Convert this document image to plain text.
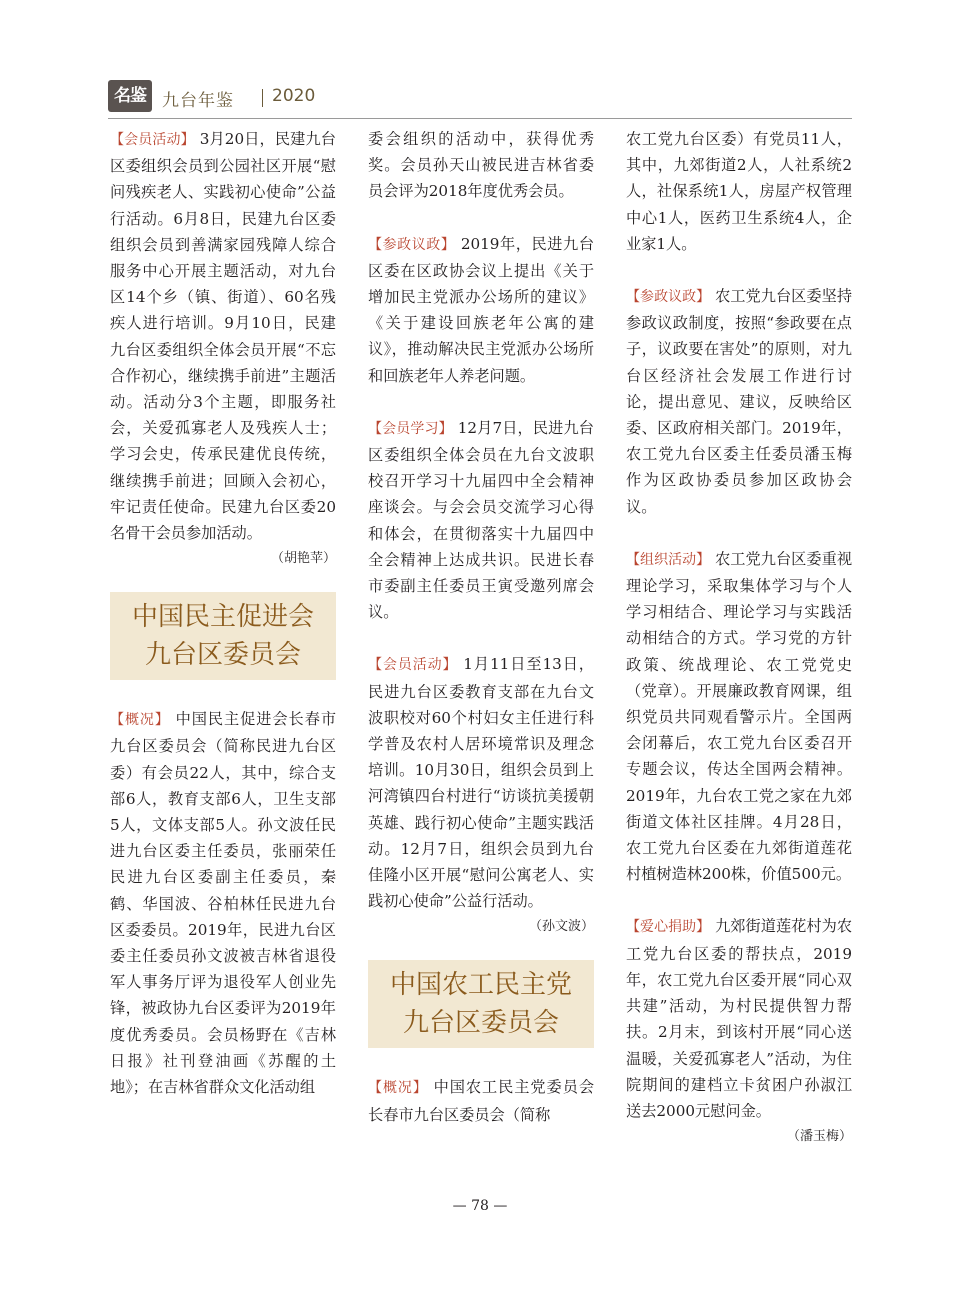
名鉴 九台年鉴 2020

【会员活动】 3月20日，民建九台区委组织会员到公园社区开展“慰问残疾老人、实践初心使命”公益行活动。6月8日，民建九台区委组织会员到善满家园残障人综合服务中心开展主题活动，对九台区14个乡（镇、街道）、60名残疾人进行培训。9月10日，民建九台区委组织全体会员开展“不忘合作初心，继续携手前进”主题活动。活动分3个主题，即服务社会，关爱孤寡老人及残疾人士；学习会史，传承民建优良传统，继续携手前进；回顾入会初心，牢记责任使命。民建九台区委20名骨干会员参加活动。

（胡艳苹）
中国民主促进会
九台区委员会

【概况】 中国民主促进会长春市九台区委员会（简称民进九台区委）有会员22人，其中，综合支部6人，教育支部6人，卫生支部5人，文体支部5人。孙文波任民进九台区委主任委员，张丽荣任民进九台区委副主任委员，秦鹤、华国波、谷柏林任民进九台区委委员。2019年，民进九台区委主任委员孙文波被吉林省退役军人事务厅评为退役军人创业先锋，被政协九台区委评为2019年度优秀委员。会员杨野在《吉林日报》社刊登油画《苏醒的土地》；在吉林省群众文化活动组

委会组织的活动中，获得优秀奖。会员孙天山被民进吉林省委员会评为2018年度优秀会员。

【参政议政】 2019年，民进九台区委在区政协会议上提出《关于增加民主党派办公场所的建议》《关于建设回族老年公寓的建议》，推动解决民主党派办公场所和回族老年人养老问题。

【会员学习】 12月7日，民进九台区委组织全体会员在九台文波职校召开学习十九届四中全会精神座谈会。与会会员交流学习心得和体会，在贯彻落实十九届四中全会精神上达成共识。民进长春市委副主任委员王寅受邀列席会议。

【会员活动】 1月11日至13日，民进九台区委教育支部在九台文波职校对60个村妇女主任进行科学普及农村人居环境常识及理念培训。10月30日，组织会员到上河湾镇四台村进行“访谈抗美援朝英雄、践行初心使命”主题实践活动。12月7日，组织会员到九台佳隆小区开展“慰问公寓老人、实践初心使命”公益行活动。

（孙文波）
中国农工民主党
九台区委员会

【概况】 中国农工民主党委员会长春市九台区委员会（简称

农工党九台区委）有党员11人，其中，九郊街道2人，人社系统2人，社保系统1人，房屋产权管理中心1人，医药卫生系统4人，企业家1人。

【参政议政】 农工党九台区委坚持参政议政制度，按照“参政要在点子，议政要在害处”的原则，对九台区经济社会发展工作进行讨论，提出意见、建议，反映给区委、区政府相关部门。2019年，农工党九台区委主任委员潘玉梅作为区政协委员参加区政协会议。

【组织活动】 农工党九台区委重视理论学习，采取集体学习与个人学习相结合、理论学习与实践活动相结合的方式。学习党的方针政策、统战理论、农工党党史（党章）。开展廉政教育网课，组织党员共同观看警示片。全国两会闭幕后，农工党九台区委召开专题会议，传达全国两会精神。2019年，九台农工党之家在九郊街道文体社区挂牌。4月28日，农工党九台区委在九郊街道莲花村植树造林200株，价值500元。

【爱心捐助】 九郊街道莲花村为农工党九台区委的帮扶点，2019年，农工党九台区委开展“同心双共建”活动，为村民提供智力帮扶。2月末，到该村开展“同心送温暖，关爱孤寡老人”活动，为住院期间的建档立卡贫困户孙淑江送去2000元慰问金。

（潘玉梅）
— 78 —
